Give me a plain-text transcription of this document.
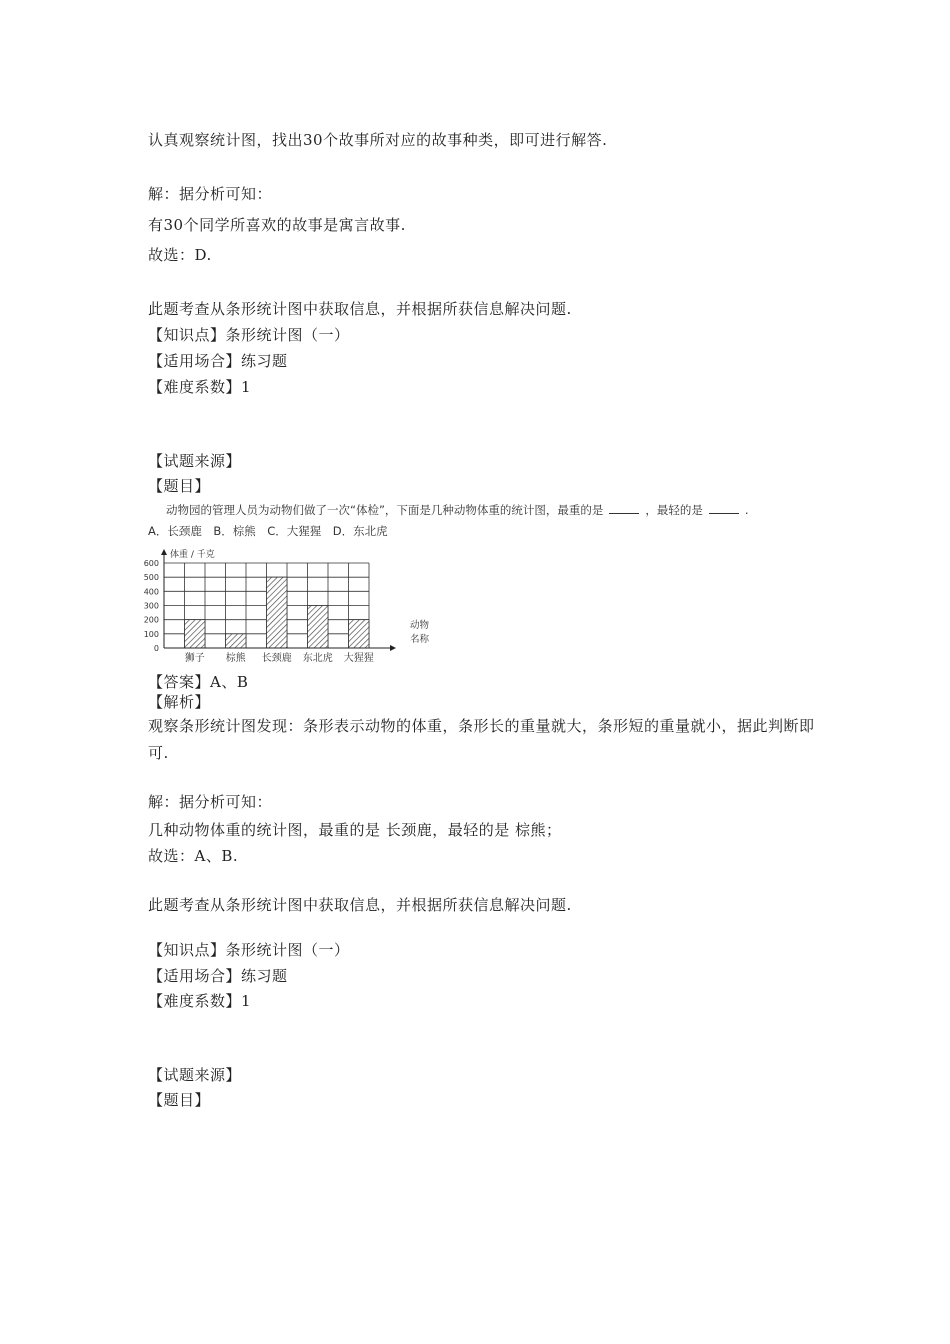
认真观察统计图，找出30个故事所对应的故事种类，即可进行解答.
解：据分析可知：
有30个同学所喜欢的故事是寓言故事.
故选：D.
此题考查从条形统计图中获取信息，并根据所获信息解决问题.
【知识点】条形统计图（一）
【适用场合】练习题
【难度系数】1
【试题来源】
【题目】
动物园的管理人员为动物们做了一次“体检”，下面是几种动物体重的统计图，最重的是	，最轻的是	.
A．长颈鹿　B．棕熊　C．大猩猩　D．东北虎
狮子 棕熊 长颈鹿 东北虎 大猩猩
0
100
200
300
400
500
600
体重 / 千克
动物
名称
【答案】A、B
【解析】
观察条形统计图发现：条形表示动物的体重，条形长的重量就大，条形短的重量就小，据此判断即
可.
解：据分析可知：
几种动物体重的统计图，最重的是 长颈鹿，最轻的是 棕熊；
故选：A、B.
此题考查从条形统计图中获取信息，并根据所获信息解决问题.
【知识点】条形统计图（一）
【适用场合】练习题
【难度系数】1
【试题来源】
【题目】
